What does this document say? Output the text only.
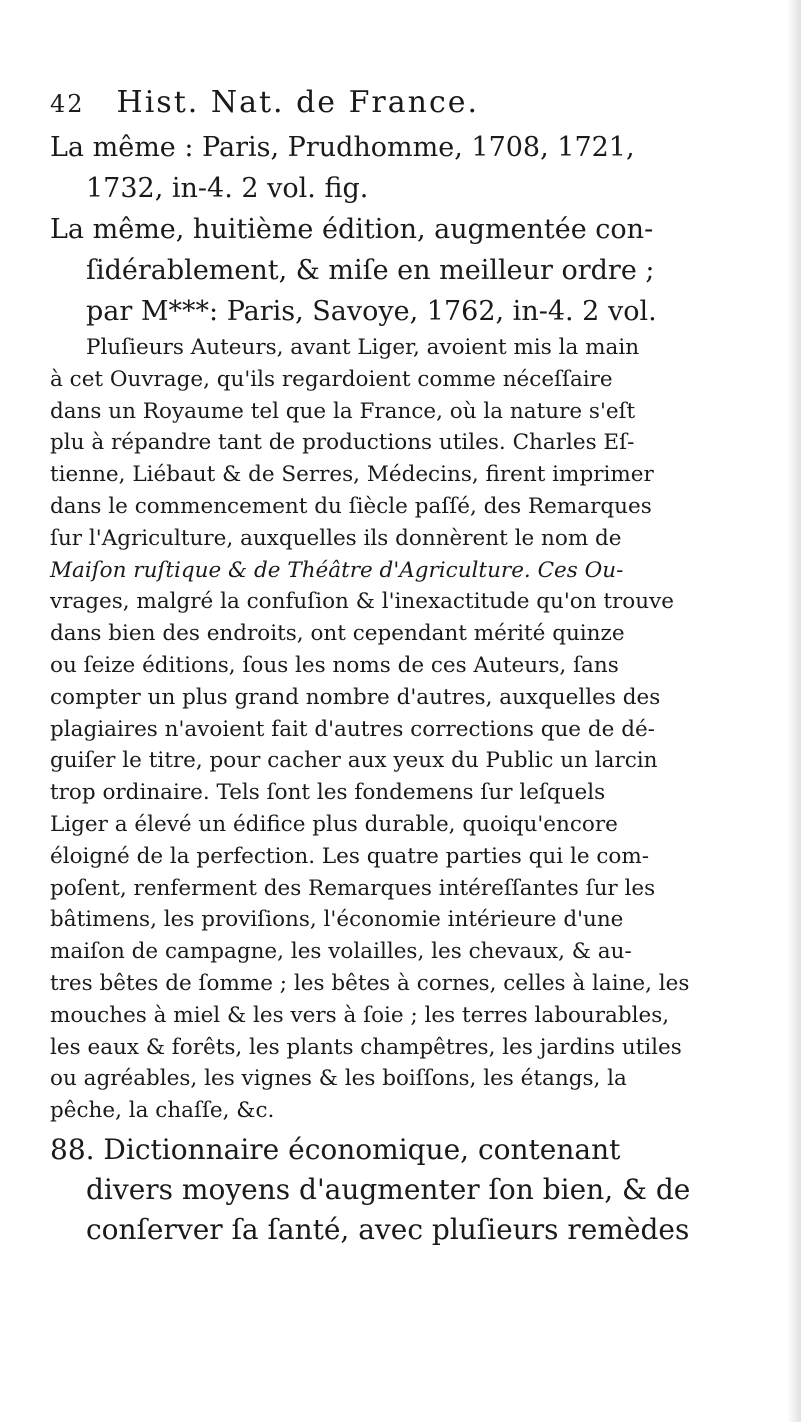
42 Hist. Nat. de France.
La même : Paris, Prudhomme, 1708, 1721,
1732, in-4. 2 vol. fig.
La même, huitième édition, augmentée con-
ſidérablement, & miſe en meilleur ordre ;
par M***: Paris, Savoye, 1762, in-4. 2 vol.
Pluſieurs Auteurs, avant Liger, avoient mis la main
à cet Ouvrage, qu'ils regardoient comme néceſſaire
dans un Royaume tel que la France, où la nature s'eſt
plu à répandre tant de productions utiles. Charles Eſ-
tienne, Liébaut & de Serres, Médecins, firent imprimer
dans le commencement du ſiècle paſſé, des Remarques
ſur l'Agriculture, auxquelles ils donnèrent le nom de
Maiſon ruſtique & de Théâtre d'Agriculture. Ces Ou-
vrages, malgré la confuſion & l'inexactitude qu'on trouve
dans bien des endroits, ont cependant mérité quinze
ou ſeize éditions, ſous les noms de ces Auteurs, ſans
compter un plus grand nombre d'autres, auxquelles des
plagiaires n'avoient fait d'autres corrections que de dé-
guiſer le titre, pour cacher aux yeux du Public un larcin
trop ordinaire. Tels ſont les fondemens ſur leſquels
Liger a élevé un édifice plus durable, quoiqu'encore
éloigné de la perfection. Les quatre parties qui le com-
poſent, renferment des Remarques intéreſſantes ſur les
bâtimens, les proviſions, l'économie intérieure d'une
maiſon de campagne, les volailles, les chevaux, & au-
tres bêtes de ſomme ; les bêtes à cornes, celles à laine, les
mouches à miel & les vers à ſoie ; les terres labourables,
les eaux & forêts, les plants champêtres, les jardins utiles
ou agréables, les vignes & les boiſſons, les étangs, la
pêche, la chaſſe, &c.
88. Dictionnaire économique, contenant
divers moyens d'augmenter ſon bien, & de
conſerver ſa ſanté, avec pluſieurs remèdes
